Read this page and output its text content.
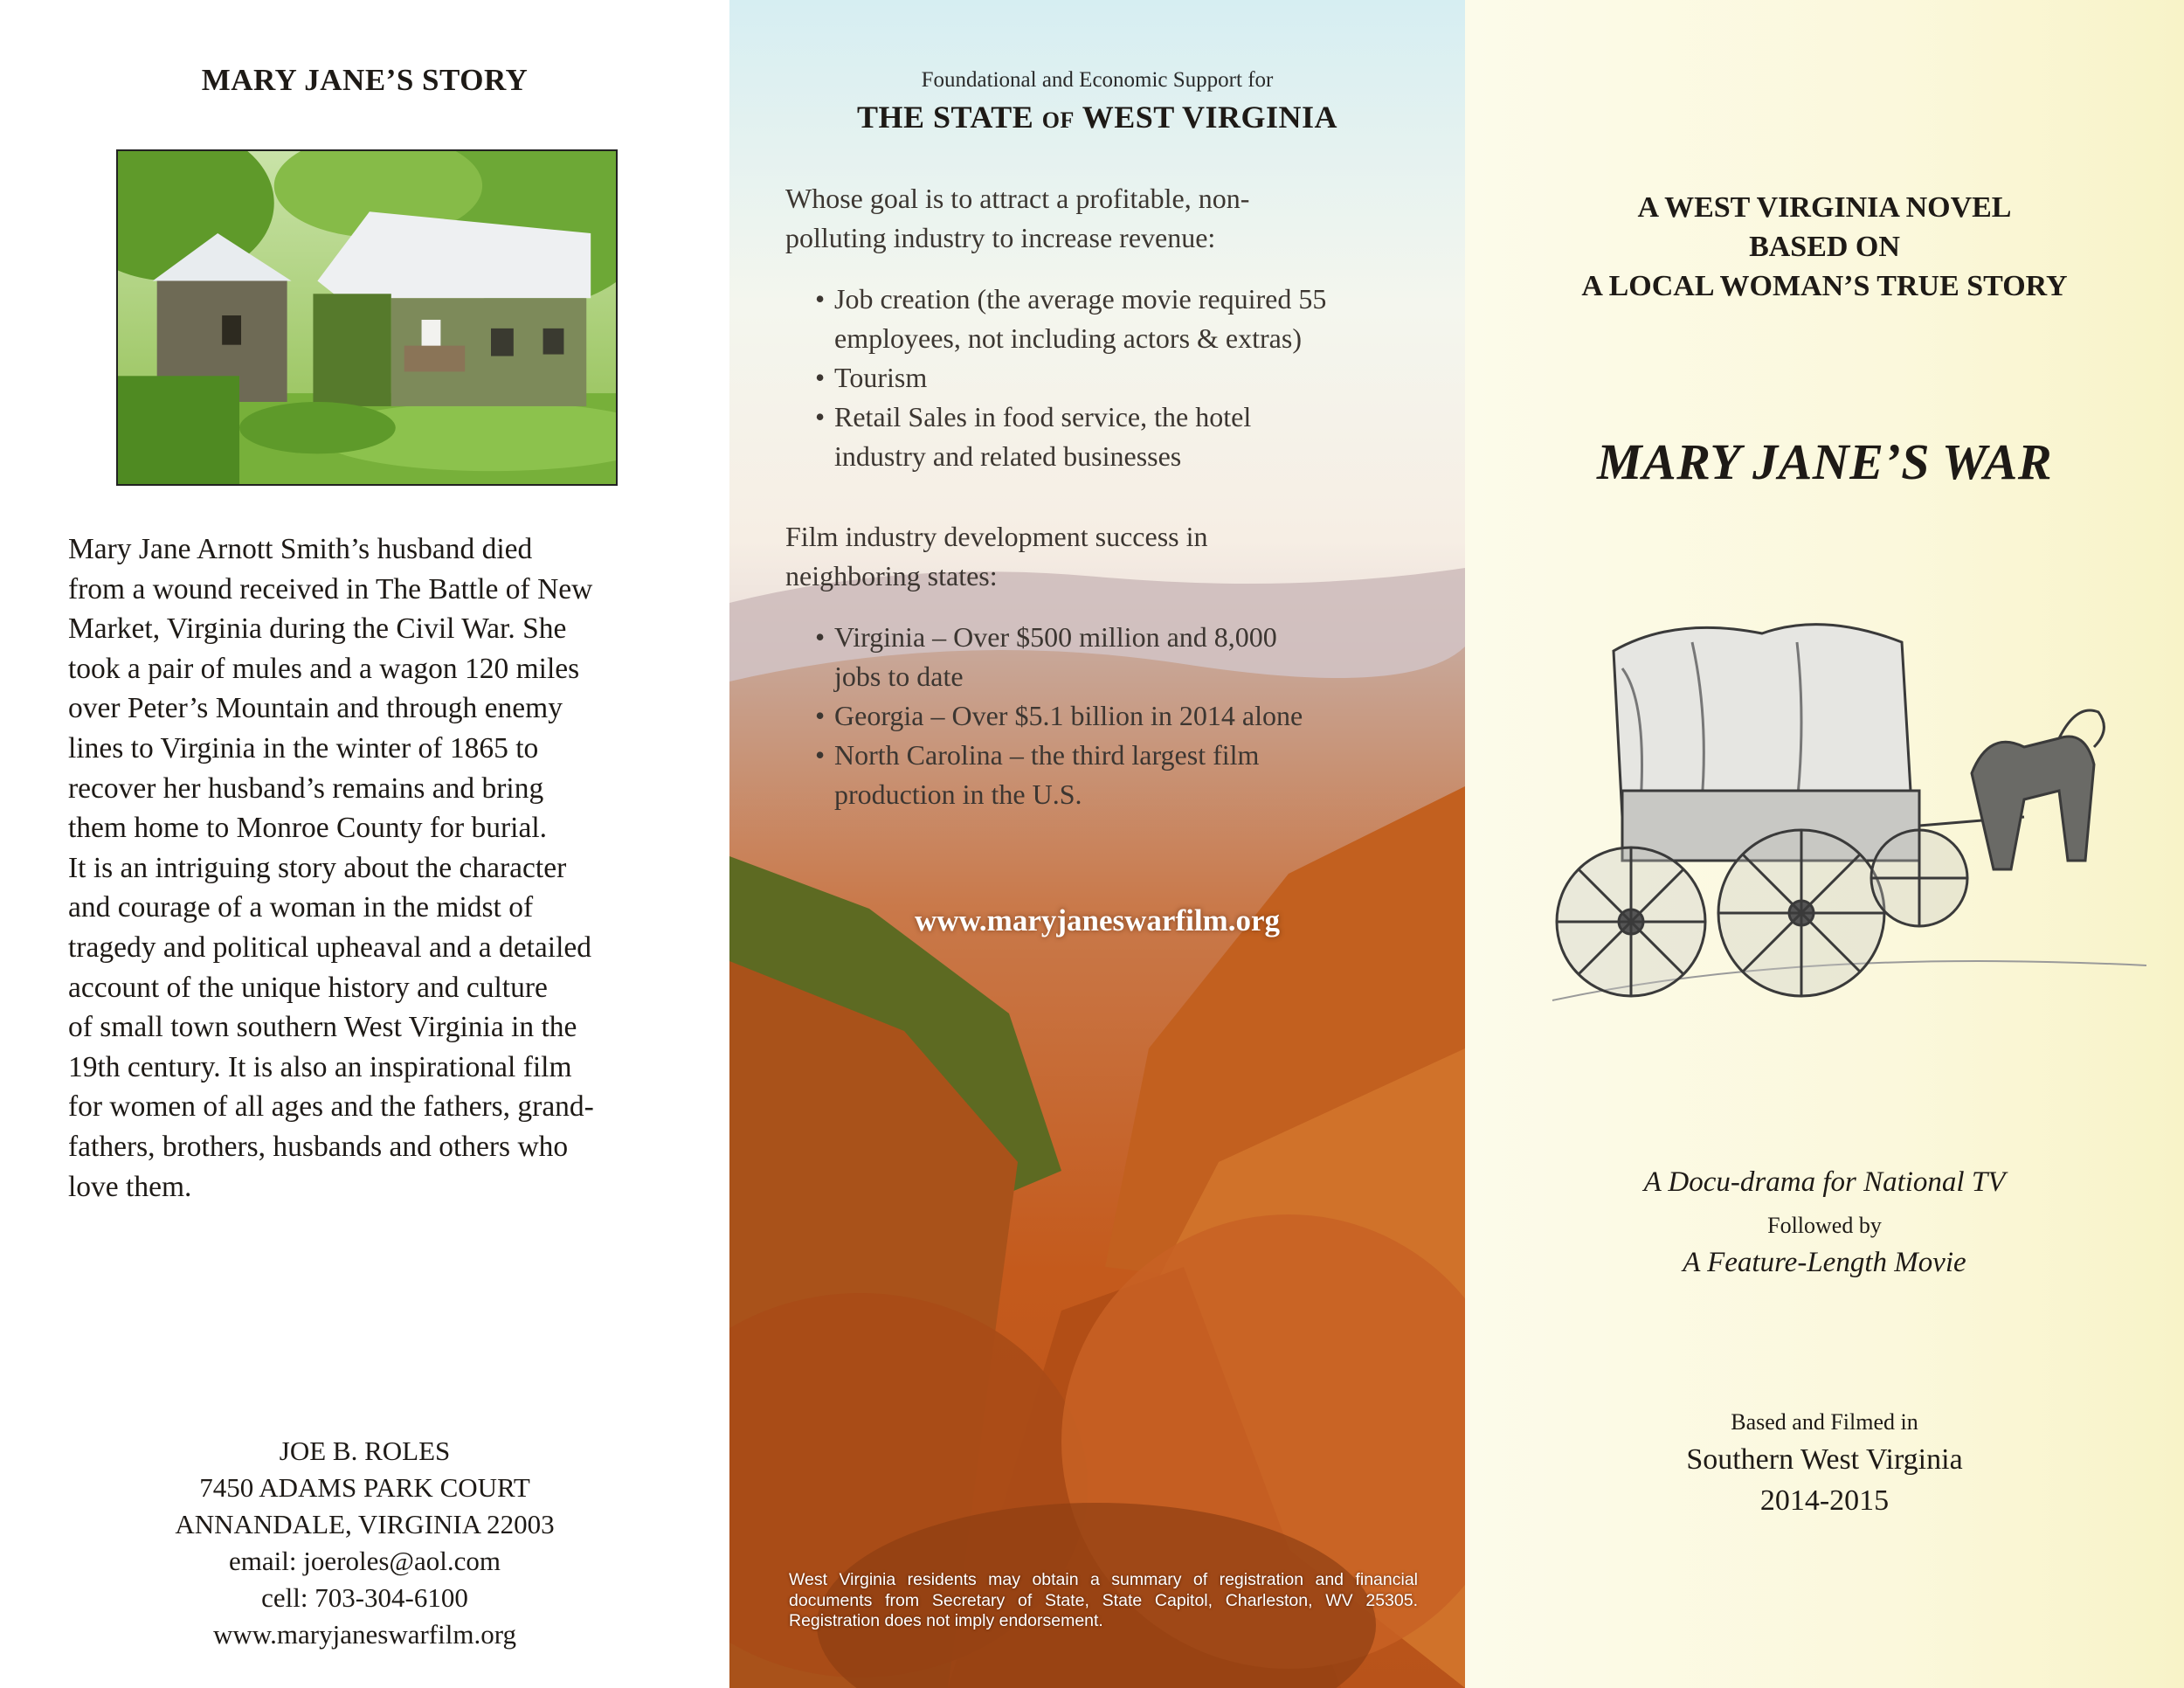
MARY JANE’S STORY
Mary Jane Arnott Smith’s husband died
from a wound received in The Battle of New
Market, Virginia during the Civil War. She
took a pair of mules and a wagon 120 miles
over Peter’s Mountain and through enemy
lines to Virginia in the winter of 1865 to
recover her husband’s remains and bring
them home to Monroe County for burial.
It is an intriguing story about the character
and courage of a woman in the midst of
tragedy and political upheaval and a detailed
account of the unique history and culture
of small town southern West Virginia in the
19th century. It is also an inspirational film
for women of all ages and the fathers, grand-
fathers, brothers, husbands and others who
love them.
JOE B. ROLES
7450 ADAMS PARK COURT
ANNANDALE, VIRGINIA 22003
email: joeroles@aol.com
cell: 703-304-6100
www.maryjaneswarfilm.org
Foundational and Economic Support for
THE STATE OF WEST VIRGINIA
Whose goal is to attract a profitable, non-
polluting industry to increase revenue:
• Job creation (the average movie required 55
employees, not including actors & extras)
• Tourism
• Retail Sales in food service, the hotel
industry and related businesses
Film industry development success in
neighboring states:
• Virginia – Over $500 million and 8,000
jobs to date
• Georgia – Over $5.1 billion in 2014 alone
• North Carolina – the third largest film
production in the U.S.
www.maryjaneswarfilm.org
West Virginia residents may obtain a summary of registration and financial documents from Secretary of State, State Capitol, Charleston, WV 25305. Registration does not imply endorsement.
A WEST VIRGINIA NOVEL
BASED ON
A LOCAL WOMAN’S TRUE STORY
MARY JANE’S WAR
A Docu-drama for National TV
Followed by
A Feature-Length Movie
Based and Filmed in
Southern West Virginia
2014-2015
